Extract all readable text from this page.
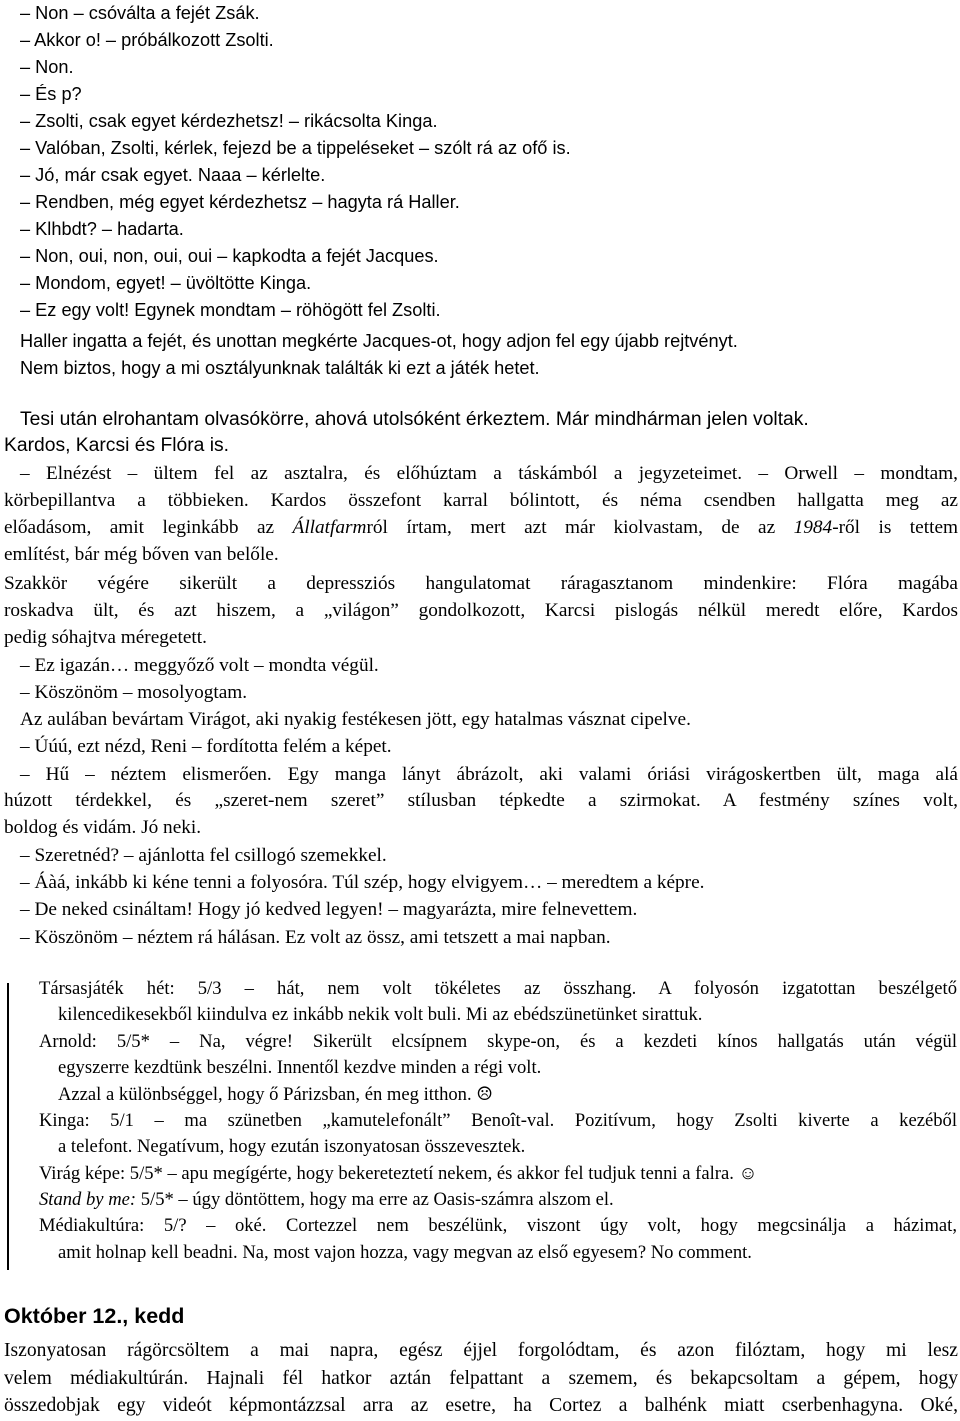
– Non – csóválta a fejét Zsák.
– Akkor o! – próbálkozott Zsolti.
– Non.
– És p?
– Zsolti, csak egyet kérdezhetsz! – rikácsolta Kinga.
– Valóban, Zsolti, kérlek, fejezd be a tippeléseket – szólt rá az ofő is.
– Jó, már csak egyet. Naaa – kérlelte.
– Rendben, még egyet kérdezhetsz – hagyta rá Haller.
– Klhbdt? – hadarta.
– Non, oui, non, oui, oui – kapkodta a fejét Jacques.
– Mondom, egyet! – üvöltötte Kinga.
– Ez egy volt! Egynek mondtam – röhögött fel Zsolti.
Haller ingatta a fejét, és unottan megkérte Jacques-ot, hogy adjon fel egy újabb rejtvényt.
Nem biztos, hogy a mi osztályunknak találták ki ezt a játék hetet.
Tesi után elrohantam olvasókörre, ahová utolsóként érkeztem. Már mindhárman jelen voltak.
Kardos, Karcsi és Flóra is.
– Elnézést – ültem fel az asztalra, és előhúztam a táskámból a jegyzeteimet. – Orwell – mondtam,
körbepillantva a többieken. Kardos összefont karral bólintott, és néma csendben hallgatta meg az
előadásom, amit leginkább az Állatfarmról írtam, mert azt már kiolvastam, de az 1984-ről is tettem
említést, bár még bőven van belőle.
Szakkör végére sikerült a depressziós hangulatomat ráragasztanom mindenkire: Flóra magába
roskadva ült, és azt hiszem, a „világon” gondolkozott, Karcsi pislogás nélkül meredt előre, Kardos
pedig sóhajtva méregetett.
– Ez igazán… meggyőző volt – mondta végül.
– Köszönöm – mosolyogtam.
Az aulában bevártam Virágot, aki nyakig festékesen jött, egy hatalmas vásznat cipelve.
– Úúú, ezt nézd, Reni – fordította felém a képet.
– Hű – néztem elismerően. Egy manga lányt ábrázolt, aki valami óriási virágoskertben ült, maga alá
húzott térdekkel, és „szeret-nem szeret” stílusban tépkedte a szirmokat. A festmény színes volt,
boldog és vidám. Jó neki.
– Szeretnéd? – ajánlotta fel csillogó szemekkel.
– Áàá, inkább ki kéne tenni a folyosóra. Túl szép, hogy elvigyem… – meredtem a képre.
– De neked csináltam! Hogy jó kedved legyen! – magyarázta, mire felnevettem.
– Köszönöm – néztem rá hálásan. Ez volt az össz, ami tetszett a mai napban.
Társasjáték hét: 5/3 – hát, nem volt tökéletes az összhang. A folyosón izgatottan beszélgető
kilencedikesekből kiindulva ez inkább nekik volt buli. Mi az ebédszünetünket sirattuk.
Arnold: 5/5* – Na, végre! Sikerült elcsípnem skype-on, és a kezdeti kínos hallgatás után végül
egyszerre kezdtünk beszélni. Innentől kezdve minden a régi volt.
Azzal a különbséggel, hogy ő Párizsban, én meg itthon. ☹
Kinga: 5/1 – ma szünetben „kamutelefonált” Benoît-val. Pozitívum, hogy Zsolti kiverte a kezéből
a telefont. Negatívum, hogy ezután iszonyatosan összevesztek.
Virág képe: 5/5* – apu megígérte, hogy bekereteztetí nekem, és akkor fel tudjuk tenni a falra. ☺
Stand by me: 5/5* – úgy döntöttem, hogy ma erre az Oasis-számra alszom el.
Médiakultúra: 5/? – oké. Cortezzel nem beszélünk, viszont úgy volt, hogy megcsinálja a házimat,
amit holnap kell beadni. Na, most vajon hozza, vagy megvan az első egyesem? No comment.
Október 12., kedd
Iszonyatosan rágörcsöltem a mai napra, egész éjjel forgolódtam, és azon filóztam, hogy mi lesz
velem médiakultúrán. Hajnali fél hatkor aztán felpattant a szemem, és bekapcsoltam a gépem, hogy
összedobjak egy videót képmontázzsal arra az esetre, ha Cortez a balhénk miatt cserbenhagyna. Oké,
